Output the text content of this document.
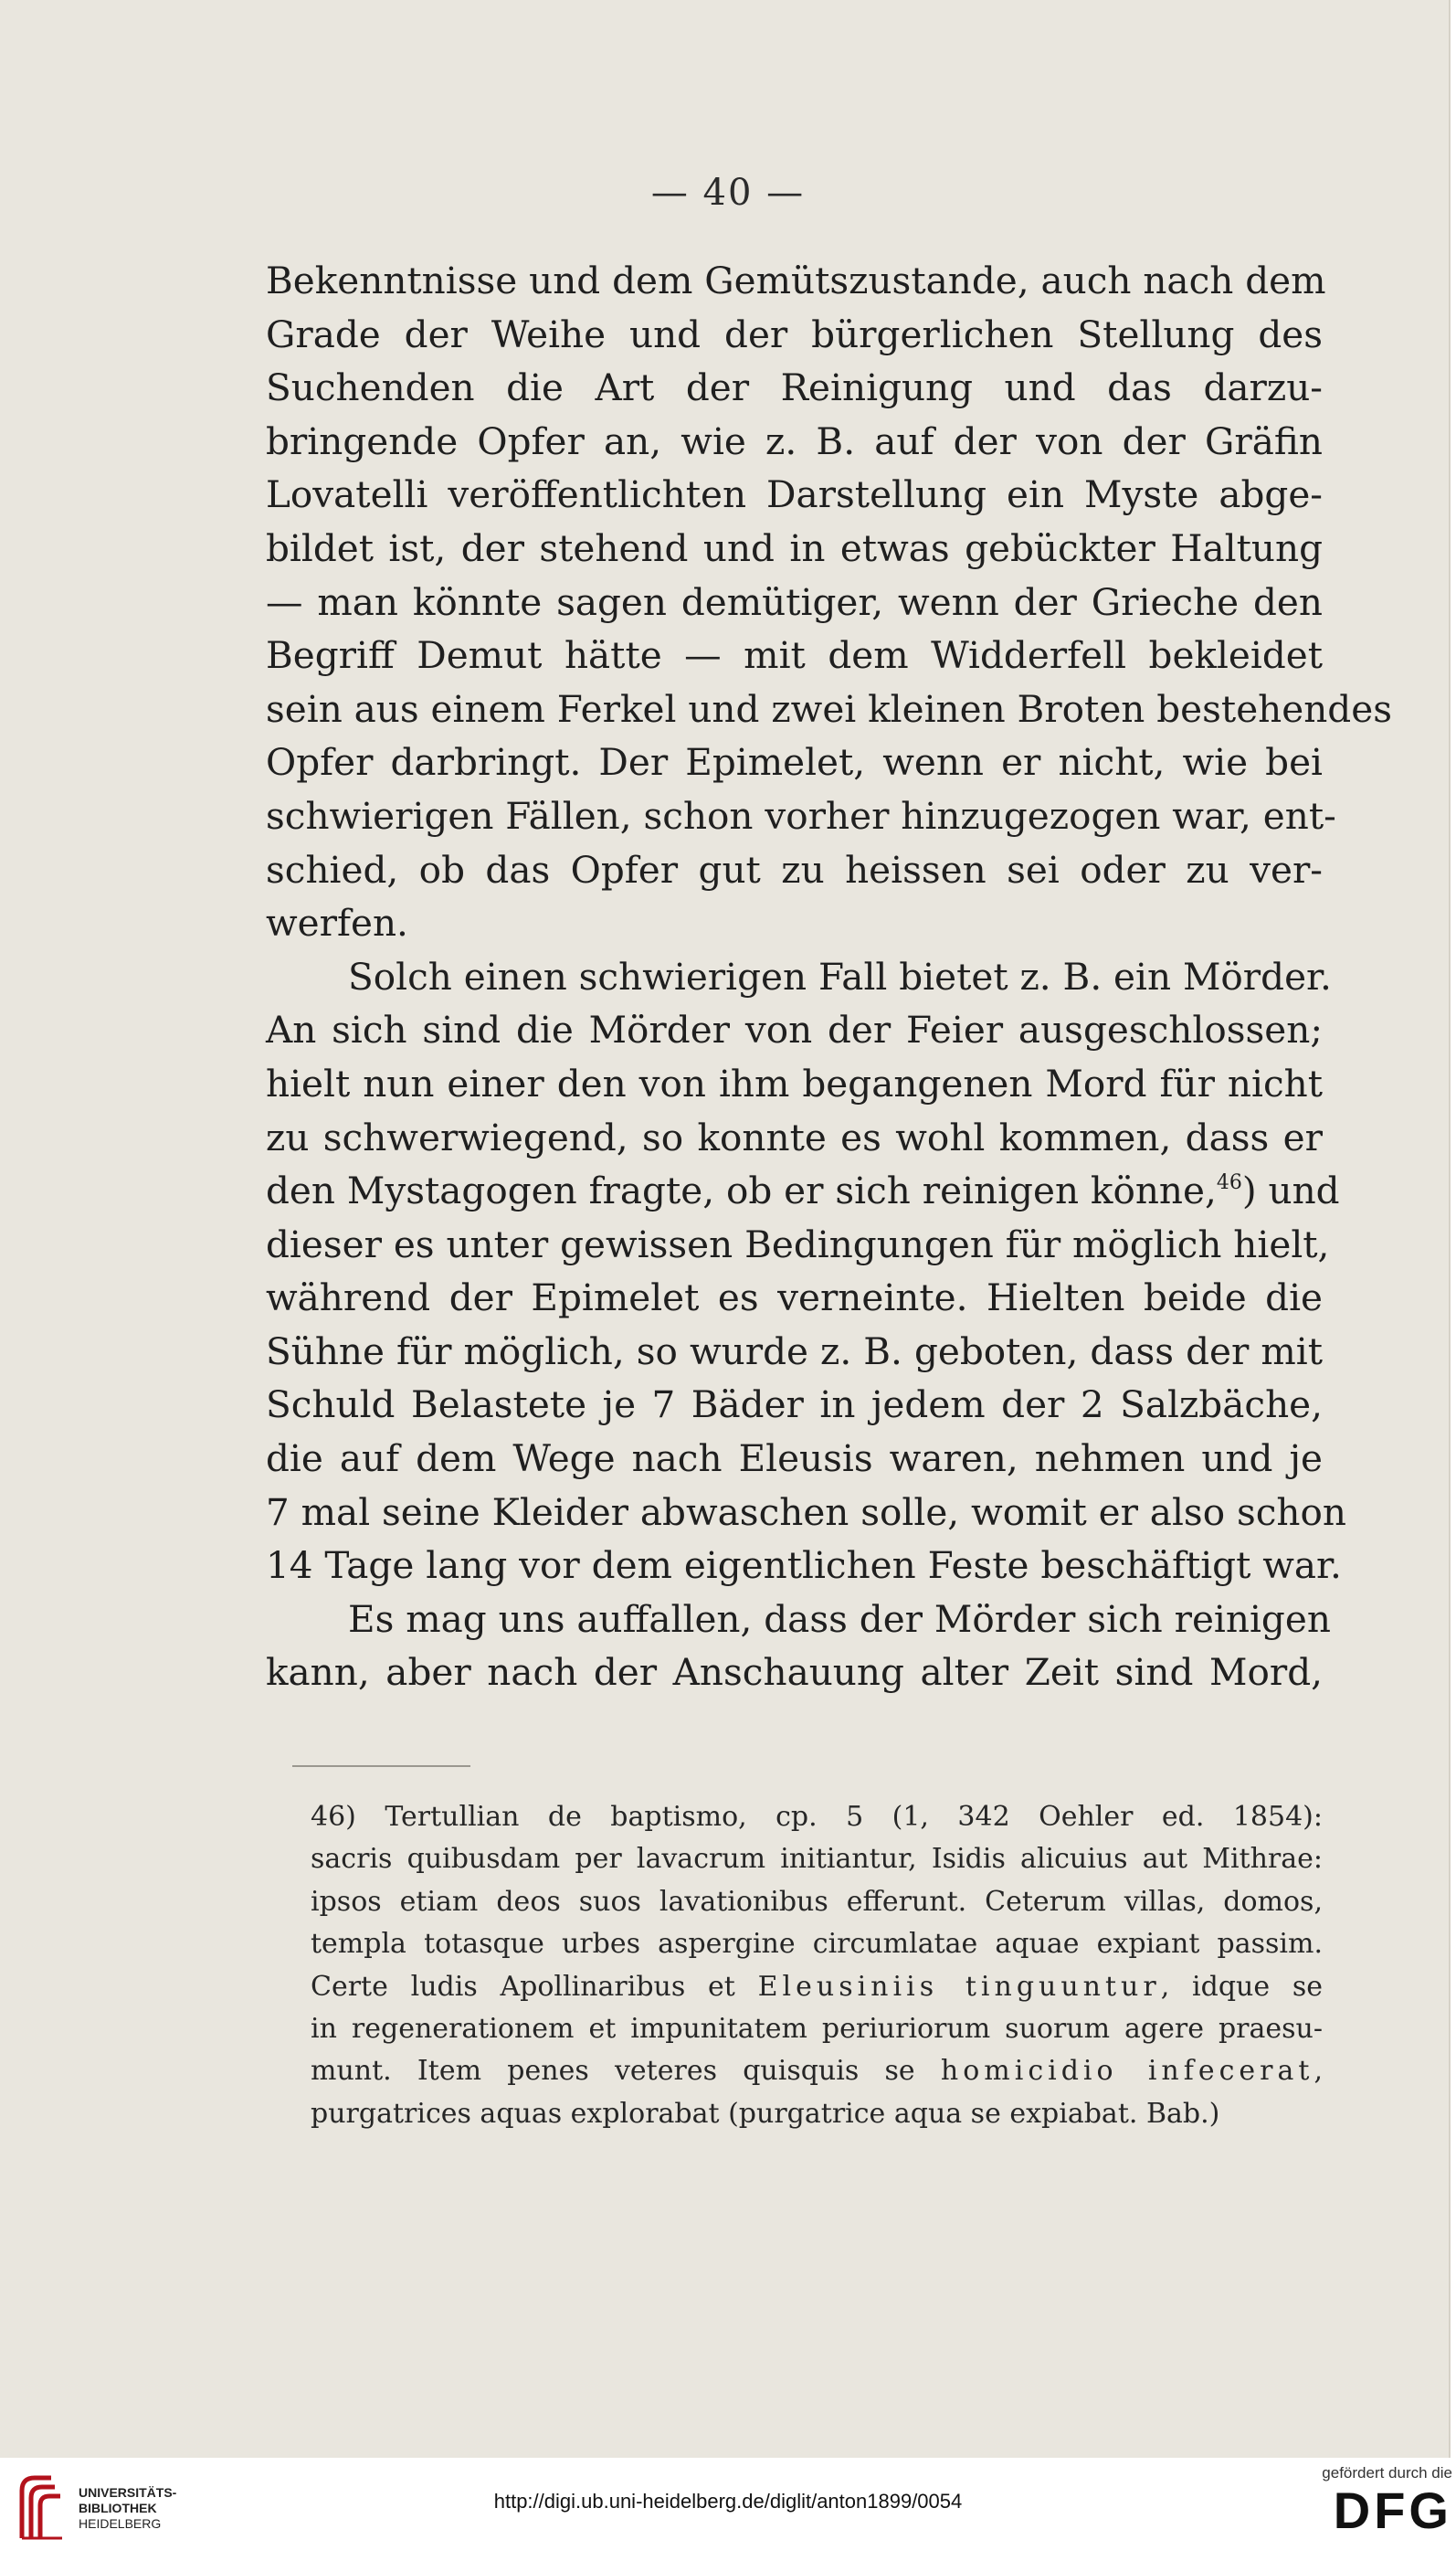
— 40 —
Bekenntnisse und dem Gemütszustande, auch nach dem
Grade der Weihe und der bürgerlichen Stellung des
Suchenden die Art der Reinigung und das darzu-
bringende Opfer an, wie z. B. auf der von der Gräfin
Lovatelli veröffentlichten Darstellung ein Myste abge-
bildet ist, der stehend und in etwas gebückter Haltung
— man könnte sagen demütiger, wenn der Grieche den
Begriff Demut hätte — mit dem Widderfell bekleidet
sein aus einem Ferkel und zwei kleinen Broten bestehendes
Opfer darbringt. Der Epimelet, wenn er nicht, wie bei
schwierigen Fällen, schon vorher hinzugezogen war, ent-
schied, ob das Opfer gut zu heissen sei oder zu ver-
werfen.
Solch einen schwierigen Fall bietet z. B. ein Mörder.
An sich sind die Mörder von der Feier ausgeschlossen;
hielt nun einer den von ihm begangenen Mord für nicht
zu schwerwiegend, so konnte es wohl kommen, dass er
den Mystagogen fragte, ob er sich reinigen könne,$^{46}$) und
dieser es unter gewissen Bedingungen für möglich hielt,
während der Epimelet es verneinte. Hielten beide die
Sühne für möglich, so wurde z. B. geboten, dass der mit
Schuld Belastete je 7 Bäder in jedem der 2 Salzbäche,
die auf dem Wege nach Eleusis waren, nehmen und je
7 mal seine Kleider abwaschen solle, womit er also schon
14 Tage lang vor dem eigentlichen Feste beschäftigt war.
Es mag uns auffallen, dass der Mörder sich reinigen
kann, aber nach der Anschauung alter Zeit sind Mord,
46) Tertullian de baptismo, cp. 5 (1, 342 Oehler ed. 1854):
sacris quibusdam per lavacrum initiantur, Isidis alicuius aut Mithrae:
ipsos etiam deos suos lavationibus efferunt. Ceterum villas, domos,
templa totasque urbes aspergine circumlatae aquae expiant passim.
Certe ludis Apollinaribus et Eleusiniis tinguuntur, idque se
in regenerationem et impunitatem periuriorum suorum agere praesu-
munt. Item penes veteres quisquis se homicidio infecerat,
purgatrices aquas explorabat (purgatrice aqua se expiabat. Bab.)
UNIVERSITÄTS-
BIBLIOTHEK
HEIDELBERG
http://digi.ub.uni-heidelberg.de/diglit/anton1899/0054
gefördert durch die
DFG
